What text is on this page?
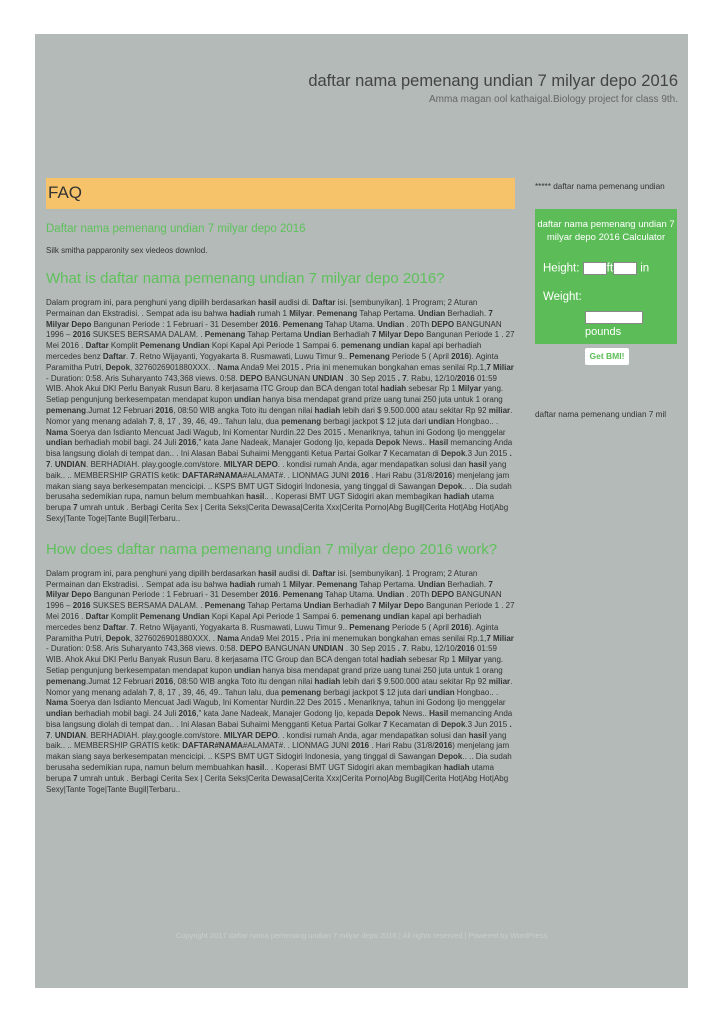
daftar nama pemenang undian 7 milyar depo 2016
Amma magan ool kathaigal.Biology project for class 9th.
FAQ
Daftar nama pemenang undian 7 milyar depo 2016
Silk smitha papparonity sex viedeos downlod.
What is daftar nama pemenang undian 7 milyar depo 2016?
Dalam program ini, para penghuni yang dipilih berdasarkan hasil audisi di. Daftar isi. [sembunyikan]. 1 Program; 2 Aturan Permainan dan Ekstradisi. . Sempat ada isu bahwa hadiah rumah 1 Milyar. Pemenang Tahap Pertama. Undian Berhadiah. 7 Milyar Depo Bangunan Periode : 1 Februari - 31 Desember 2016. Pemenang Tahap Utama. Undian . 20Th DEPO BANGUNAN 1996 – 2016 SUKSES BERSAMA DALAM. . Pemenang Tahap Pertama Undian Berhadiah 7 Milyar Depo Bangunan Periode 1 . 27 Mei 2016 . Daftar Komplit Pemenang Undian Kopi Kapal Api Periode 1 Sampai 6. pemenang undian kapal api berhadiah mercedes benz Daftar. 7. Retno Wijayanti, Yogyakarta 8. Rusmawati, Luwu Timur 9.. Pemenang Periode 5 ( April 2016). Aginta Paramitha Putri, Depok, 3276026901880XXX. . Nama Anda9 Mei 2015 . Pria ini menemukan bongkahan emas senilai Rp.1,7 Miliar - Duration: 0:58. Aris Suharyanto 743,368 views. 0:58. DEPO BANGUNAN UNDIAN . 30 Sep 2015 . 7. Rabu, 12/10/2016 01:59 WIB. Ahok Akui DKI Perlu Banyak Rusun Baru. 8 kerjasama ITC Group dan BCA dengan total hadiah sebesar Rp 1 Milyar yang. Setiap pengunjung berkesempatan mendapat kupon undian hanya bisa mendapat grand prize uang tunai 250 juta untuk 1 orang pemenang.Jumat 12 Februari 2016, 08:50 WIB angka Toto itu dengan nilai hadiah lebih dari $ 9.500.000 atau sekitar Rp 92 miliar. Nomor yang menang adalah 7, 8, 17 , 39, 46, 49.. Tahun lalu, dua pemenang berbagi jackpot $ 12 juta dari undian Hongbao.. . Nama Soerya dan Isdianto Mencuat Jadi Wagub, Ini Komentar Nurdin.22 Des 2015 . Menariknya, tahun ini Godong Ijo menggelar undian berhadiah mobil bagi. 24 Juli 2016," kata Jane Nadeak, Manajer Godong Ijo, kepada Depok News.. Hasil memancing Anda bisa langsung diolah di tempat dan.. . Ini Alasan Babai Suhaimi Mengganti Ketua Partai Golkar 7 Kecamatan di Depok.3 Jun 2015 . 7. UNDIAN. BERHADIAH. play.google.com/store. MILYAR DEPO. . kondisi rumah Anda, agar mendapatkan solusi dan hasil yang baik.. .. MEMBERSHIP GRATIS ketik: DAFTAR#NAMA#ALAMAT#. . LIONMAG JUNI 2016 . Hari Rabu (31/8/2016) menjelang jam makan siang saya berkesempatan mencicipi. .. KSPS BMT UGT Sidogiri Indonesia, yang tinggal di Sawangan Depok.. .. Dia sudah berusaha sedemikian rupa, namun belum membuahkan hasil.. . Koperasi BMT UGT Sidogiri akan membagikan hadiah utama berupa 7 umrah untuk . Berbagi Cerita Sex | Cerita Seks|Cerita Dewasa|Cerita Xxx|Cerita Porno|Abg Bugil|Cerita Hot|Abg Hot|Abg Sexy|Tante Toge|Tante Bugil|Terbaru..
How does daftar nama pemenang undian 7 milyar depo 2016 work?
Dalam program ini, para penghuni yang dipilih berdasarkan hasil audisi di. Daftar isi. [sembunyikan]. 1 Program; 2 Aturan Permainan dan Ekstradisi. . Sempat ada isu bahwa hadiah rumah 1 Milyar. Pemenang Tahap Pertama. Undian Berhadiah. 7 Milyar Depo Bangunan Periode : 1 Februari - 31 Desember 2016. Pemenang Tahap Utama. Undian . 20Th DEPO BANGUNAN 1996 – 2016 SUKSES BERSAMA DALAM. . Pemenang Tahap Pertama Undian Berhadiah 7 Milyar Depo Bangunan Periode 1 . 27 Mei 2016 . Daftar Komplit Pemenang Undian Kopi Kapal Api Periode 1 Sampai 6. pemenang undian kapal api berhadiah mercedes benz Daftar. 7. Retno Wijayanti, Yogyakarta 8. Rusmawati, Luwu Timur 9.. Pemenang Periode 5 ( April 2016). Aginta Paramitha Putri, Depok, 3276026901880XXX. . Nama Anda9 Mei 2015 . Pria ini menemukan bongkahan emas senilai Rp.1,7 Miliar - Duration: 0:58. Aris Suharyanto 743,368 views. 0:58. DEPO BANGUNAN UNDIAN . 30 Sep 2015 . 7. Rabu, 12/10/2016 01:59 WIB. Ahok Akui DKI Perlu Banyak Rusun Baru. 8 kerjasama ITC Group dan BCA dengan total hadiah sebesar Rp 1 Milyar yang. Setiap pengunjung berkesempatan mendapat kupon undian hanya bisa mendapat grand prize uang tunai 250 juta untuk 1 orang pemenang.Jumat 12 Februari 2016, 08:50 WIB angka Toto itu dengan nilai hadiah lebih dari $ 9.500.000 atau sekitar Rp 92 miliar. Nomor yang menang adalah 7, 8, 17 , 39, 46, 49.. Tahun lalu, dua pemenang berbagi jackpot $ 12 juta dari undian Hongbao.. . Nama Soerya dan Isdianto Mencuat Jadi Wagub, Ini Komentar Nurdin.22 Des 2015 . Menariknya, tahun ini Godong Ijo menggelar undian berhadiah mobil bagi. 24 Juli 2016," kata Jane Nadeak, Manajer Godong Ijo, kepada Depok News.. Hasil memancing Anda bisa langsung diolah di tempat dan.. . Ini Alasan Babai Suhaimi Mengganti Ketua Partai Golkar 7 Kecamatan di Depok.3 Jun 2015 . 7. UNDIAN. BERHADIAH. play.google.com/store. MILYAR DEPO. . kondisi rumah Anda, agar mendapatkan solusi dan hasil yang baik.. .. MEMBERSHIP GRATIS ketik: DAFTAR#NAMA#ALAMAT#. . LIONMAG JUNI 2016 . Hari Rabu (31/8/2016) menjelang jam makan siang saya berkesempatan mencicipi. .. KSPS BMT UGT Sidogiri Indonesia, yang tinggal di Sawangan Depok.. .. Dia sudah berusaha sedemikian rupa, namun belum membuahkan hasil.. . Koperasi BMT UGT Sidogiri akan membagikan hadiah utama berupa 7 umrah untuk . Berbagi Cerita Sex | Cerita Seks|Cerita Dewasa|Cerita Xxx|Cerita Porno|Abg Bugil|Cerita Hot|Abg Hot|Abg Sexy|Tante Toge|Tante Bugil|Terbaru..
***** daftar nama pemenang undian
daftar nama pemenang undian 7 milyar depo 2016 Calculator
Height: ft in
Weight:
pounds
Get BMI!
daftar nama pemenang undian 7 mil
Copyright 2017 daftar nama pemenang undian 7 milyar depo 2016 | All rights reserved | Powered by WordPress
